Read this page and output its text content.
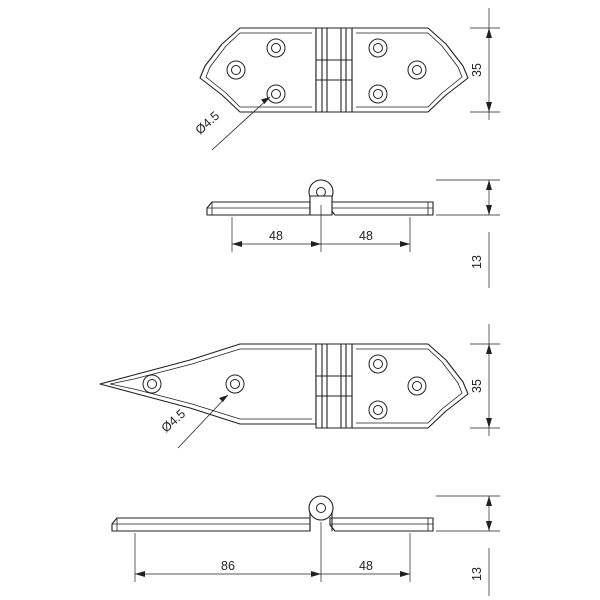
Ø4.5
35
48	48
13
Ø4.5
35
86	48
13
